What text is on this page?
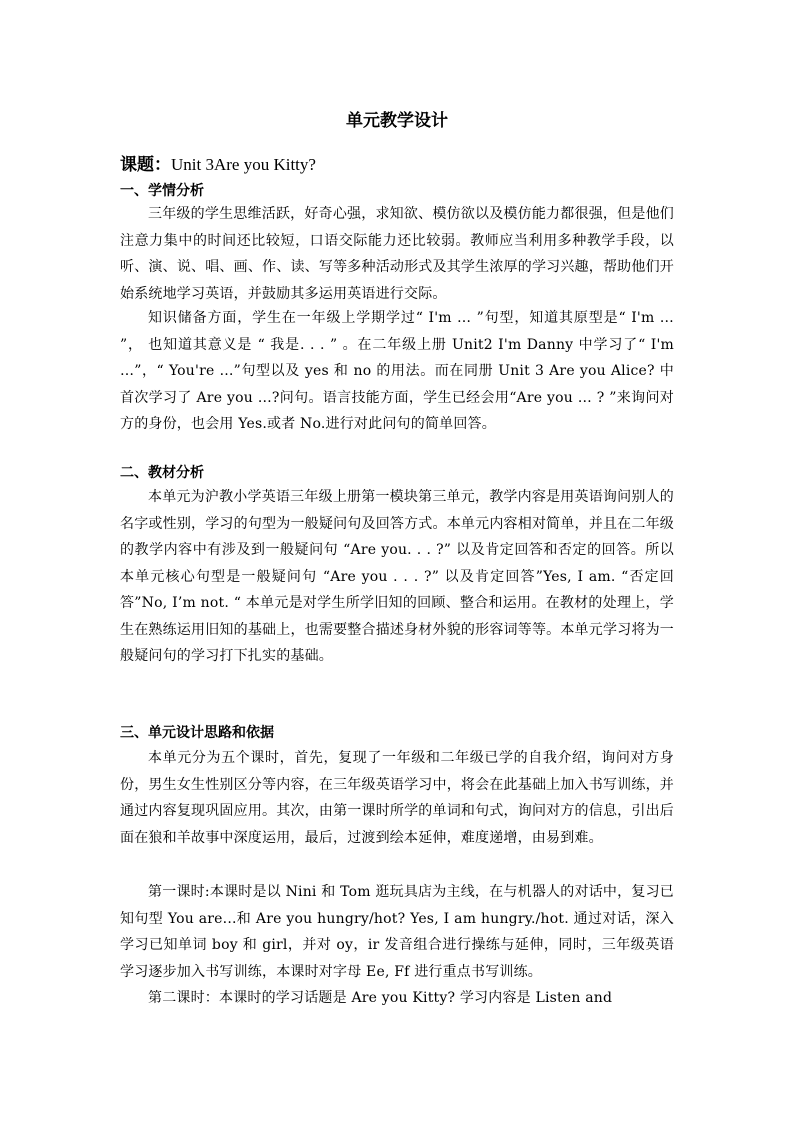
单元教学设计
课题：Unit 3Are you Kitty?
一、学情分析
三年级的学生思维活跃，好奇心强，求知欲、模仿欲以及模仿能力都很强，但是他们注意力集中的时间还比较短，口语交际能力还比较弱。教师应当利用多种教学手段，以听、演、说、唱、画、作、读、写等多种活动形式及其学生浓厚的学习兴趣，帮助他们开始系统地学习英语，并鼓励其多运用英语进行交际。
知识储备方面，学生在一年级上学期学过“ I'm … ”句型，知道其原型是“ I'm … ”， 也知道其意义是 “ 我是. . . ” 。在二年级上册 Unit2 I'm Danny 中学习了“ I'm …”，“ You're …”句型以及 yes 和 no 的用法。而在同册 Unit 3 Are you Alice? 中首次学习了 Are you …?问句。语言技能方面，学生已经会用“Are you … ? ”来询问对方的身份，也会用 Yes.或者 No.进行对此问句的简单回答。
二、教材分析
本单元为沪教小学英语三年级上册第一模块第三单元，教学内容是用英语询问别人的名字或性别，学习的句型为一般疑问句及回答方式。本单元内容相对简单，并且在二年级的教学内容中有涉及到一般疑问句 “Are you. . . ?” 以及肯定回答和否定的回答。所以本单元核心句型是一般疑问句 “Are you . . . ?” 以及肯定回答”Yes, I am. “否定回答”No, I’m not. “ 本单元是对学生所学旧知的回顾、整合和运用。在教材的处理上，学生在熟练运用旧知的基础上，也需要整合描述身材外貌的形容词等等。本单元学习将为一般疑问句的学习打下扎实的基础。
三、单元设计思路和依据
本单元分为五个课时，首先，复现了一年级和二年级已学的自我介绍，询问对方身份，男生女生性别区分等内容，在三年级英语学习中，将会在此基础上加入书写训练，并通过内容复现巩固应用。其次，由第一课时所学的单词和句式，询问对方的信息，引出后面在狼和羊故事中深度运用，最后，过渡到绘本延伸，难度递增，由易到难。
第一课时:本课时是以 Nini 和 Tom 逛玩具店为主线，在与机器人的对话中，复习已知句型 You are...和 Are you hungry/hot? Yes, I am hungry./hot. 通过对话，深入学习已知单词 boy 和 girl，并对 oy，ir 发音组合进行操练与延伸，同时，三年级英语学习逐步加入书写训练，本课时对字母 Ee, Ff 进行重点书写训练。
第二课时：本课时的学习话题是 Are you Kitty? 学习内容是 Listen and
